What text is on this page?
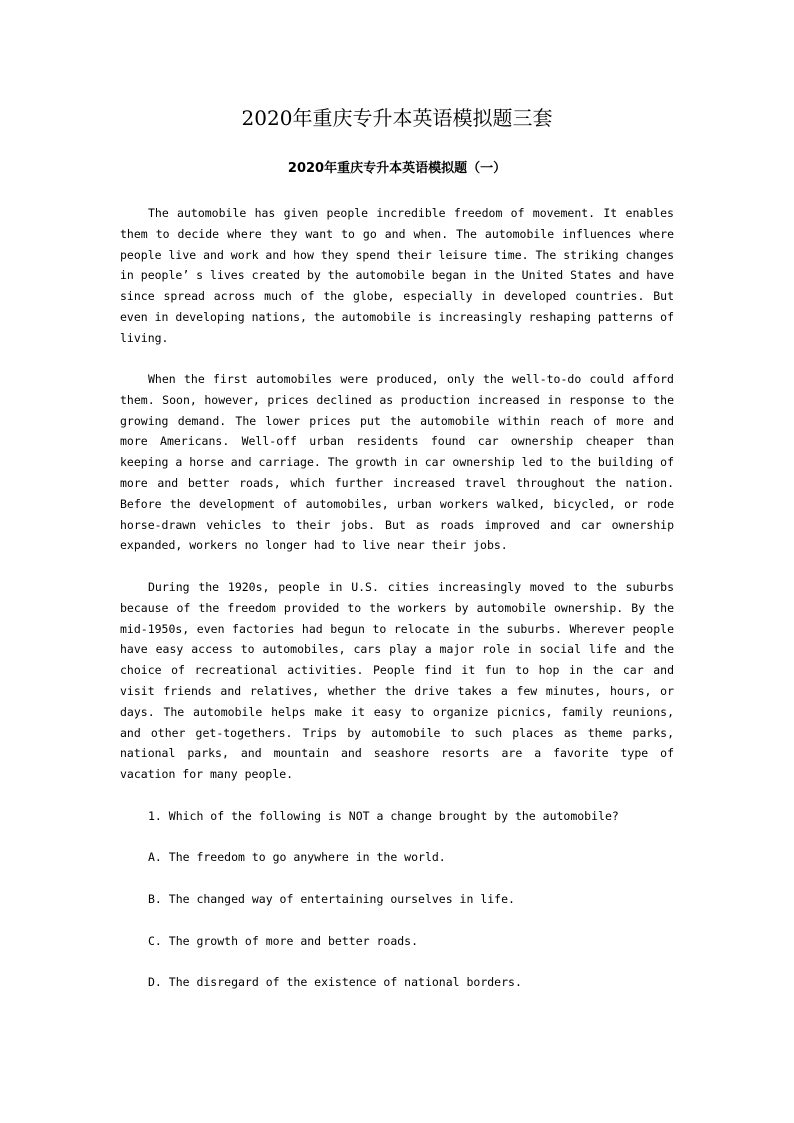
2020年重庆专升本英语模拟题三套
2020年重庆专升本英语模拟题（一）

The automobile has given people incredible freedom of movement. It enables them to decide where they want to go and when. The automobile influences where people live and work and how they spend their leisure time. The striking changes in people’ s lives created by the automobile began in the United States and have since spread across much of the globe, especially in developed countries. But even in developing nations, the automobile is increasingly reshaping patterns of living.

When the first automobiles were produced, only the well-to-do could afford them. Soon, however, prices declined as production increased in response to the growing demand. The lower prices put the automobile within reach of more and more Americans. Well-off urban residents found car ownership cheaper than keeping a horse and carriage. The growth in car ownership led to the building of more and better roads, which further increased travel throughout the nation. Before the development of automobiles, urban workers walked, bicycled, or rode horse-drawn vehicles to their jobs. But as roads improved and car ownership expanded, workers no longer had to live near their jobs.

During the 1920s, people in U.S. cities increasingly moved to the suburbs because of the freedom provided to the workers by automobile ownership. By the mid-1950s, even factories had begun to relocate in the suburbs. Wherever people have easy access to automobiles, cars play a major role in social life and the choice of recreational activities. People find it fun to hop in the car and visit friends and relatives, whether the drive takes a few minutes, hours, or days. The automobile helps make it easy to organize picnics, family reunions, and other get-togethers. Trips by automobile to such places as theme parks, national parks, and mountain and seashore resorts are a favorite type of vacation for many people.

1. Which of the following is NOT a change brought by the automobile?

A. The freedom to go anywhere in the world.

B. The changed way of entertaining ourselves in life.

C. The growth of more and better roads.

D. The disregard of the existence of national borders.
